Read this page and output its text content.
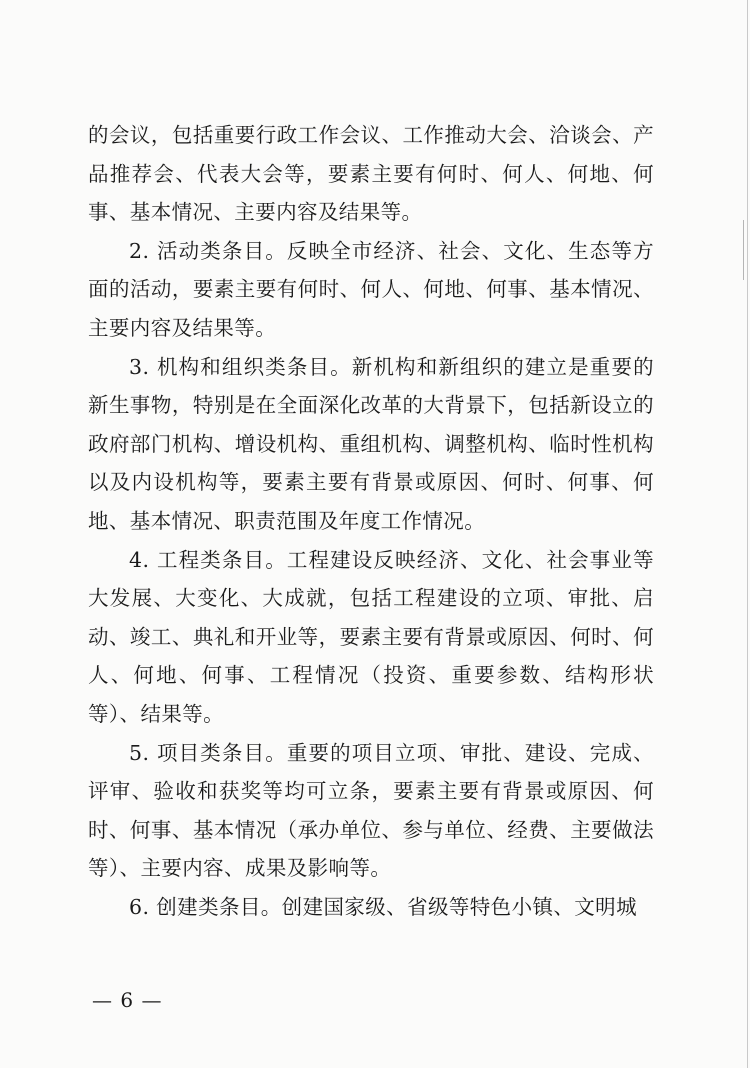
的会议，包括重要行政工作会议、工作推动大会、洽谈会、产品推荐会、代表大会等，要素主要有何时、何人、何地、何事、基本情况、主要内容及结果等。

2. 活动类条目。反映全市经济、社会、文化、生态等方面的活动，要素主要有何时、何人、何地、何事、基本情况、主要内容及结果等。

3. 机构和组织类条目。新机构和新组织的建立是重要的新生事物，特别是在全面深化改革的大背景下，包括新设立的政府部门机构、增设机构、重组机构、调整机构、临时性机构以及内设机构等，要素主要有背景或原因、何时、何事、何地、基本情况、职责范围及年度工作情况。

4. 工程类条目。工程建设反映经济、文化、社会事业等大发展、大变化、大成就，包括工程建设的立项、审批、启动、竣工、典礼和开业等，要素主要有背景或原因、何时、何人、何地、何事、工程情况（投资、重要参数、结构形状等）、结果等。

5. 项目类条目。重要的项目立项、审批、建设、完成、评审、验收和获奖等均可立条，要素主要有背景或原因、何时、何事、基本情况（承办单位、参与单位、经费、主要做法等）、主要内容、成果及影响等。

6. 创建类条目。创建国家级、省级等特色小镇、文明城

— 6 —
